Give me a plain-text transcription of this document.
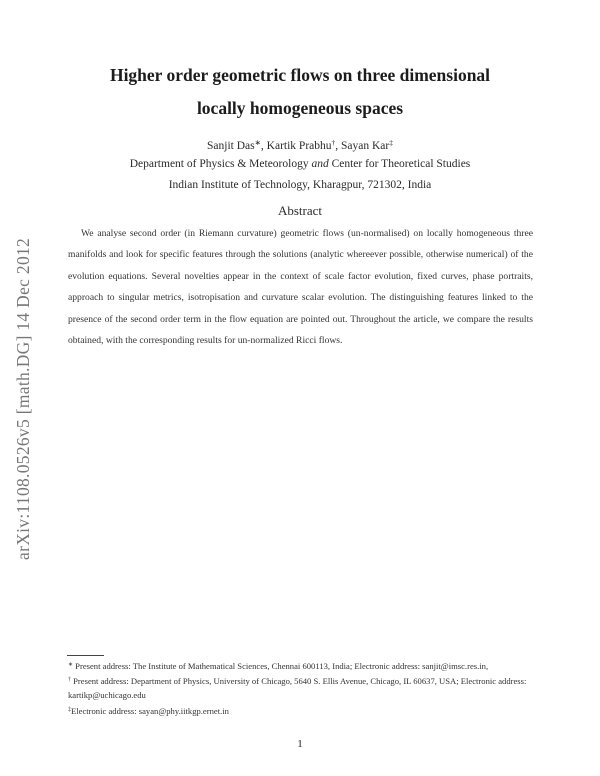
arXiv:1108.0526v5 [math.DG] 14 Dec 2012
Higher order geometric flows on three dimensional
locally homogeneous spaces
Sanjit Das∗, Kartik Prabhu†, Sayan Kar‡
Department of Physics & Meteorology and Center for Theoretical Studies
Indian Institute of Technology, Kharagpur, 721302, India
Abstract

We analyse second order (in Riemann curvature) geometric flows (un-normalised) on locally homogeneous three manifolds and look for specific features through the solutions (analytic whereever possible, otherwise numerical) of the evolution equations. Several novelties appear in the context of scale factor evolution, fixed curves, phase portraits, approach to singular metrics, isotropisation and curvature scalar evolution. The distinguishing features linked to the presence of the second order term in the flow equation are pointed out. Throughout the article, we compare the results obtained, with the corresponding results for un-normalized Ricci flows.

∗ Present address: The Institute of Mathematical Sciences, Chennai 600113, India; Electronic address: sanjit@imsc.res.in,

† Present address: Department of Physics, University of Chicago, 5640 S. Ellis Avenue, Chicago, IL 60637, USA; Electronic address: kartikp@uchicago.edu

‡Electronic address: sayan@phy.iitkgp.ernet.in

1
